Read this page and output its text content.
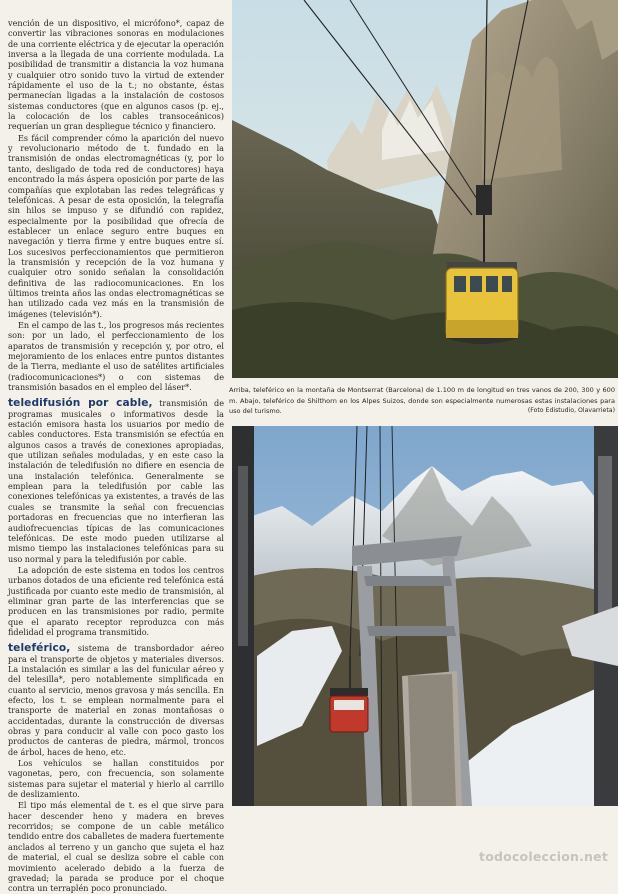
vención de un dispositivo, el micrófono*, capaz de convertir las vibraciones sonoras en modulaciones de una corriente eléctrica y de ejecutar la operación inversa a la llegada de una corriente modulada. La posibilidad de transmitir a distancia la voz humana y cualquier otro sonido tuvo la virtud de extender rápidamente el uso de la t.; no obstante, éstas permanecían ligadas a la instalación de costosos sistemas conductores (que en algunos casos (p. ej., la colocación de los cables transoceánicos) requerían un gran despliegue técnico y financiero.

Es fácil comprender cómo la aparición del nuevo y revolucionario método de t. fundado en la transmisión de ondas electromagnéticas (y, por lo tanto, desligado de toda red de conductores) haya encontrado la más áspera oposición por parte de las compañías que explotaban las redes telegráficas y telefónicas. A pesar de esta oposición, la telegrafía sin hilos se impuso y se difundió con rapidez, especialmente por la posibilidad que ofrecía de establecer un enlace seguro entre buques en navegación y tierra firme y entre buques entre sí. Los sucesivos perfeccionamientos que permitieron la transmisión y recepción de la voz humana y cualquier otro sonido señalan la consolidación definitiva de las radiocomunicaciones. En los últimos treinta años las ondas electromagnéticas se han utilizado cada vez más en la transmisión de imágenes (televisión*).

En el campo de las t., los progresos más recientes son: por un lado, el perfeccionamiento de los aparatos de transmisión y recepción y, por otro, el mejoramiento de los enlaces entre puntos distantes de la Tierra, mediante el uso de satélites artificiales (radiocomunicaciones*) o con sistemas de transmisión basados en el empleo del láser*.

teledifusión por cable, transmisión de programas musicales o informativos desde la estación emisora hasta los usuarios por medio de cables conductores. Esta transmisión se efectúa en algunos casos a través de conexiones apropiadas, que utilizan señales moduladas, y en este caso la instalación de teledifusión no difiere en esencia de una instalación telefónica. Generalmente se emplean para la teledifusión por cable las conexiones telefónicas ya existentes, a través de las cuales se transmite la señal con frecuencias portadoras en frecuencias que no interfieran las audiofrecuencias típicas de las comunicaciones telefónicas. De este modo pueden utilizarse al mismo tiempo las instalaciones telefónicas para su uso normal y para la teledifusión por cable.

La adopción de este sistema en todos los centros urbanos dotados de una eficiente red telefónica está justificada por cuanto este medio de transmisión, al eliminar gran parte de las interferencias que se producen en las transmisiones por radio, permite que el aparato receptor reproduzca con más fidelidad el programa transmitido.

teleférico, sistema de transbordador aéreo para el transporte de objetos y materiales diversos. La instalación es similar a las del funicular aéreo y del telesilla*, pero notablemente simplificada en cuanto al servicio, menos gravosa y más sencilla. En efecto, los t. se emplean normalmente para el transporte de material en zonas montañosas o accidentadas, durante la construcción de diversas obras y para conducir al valle con poco gasto los productos de canteras de piedra, mármol, troncos de árbol, haces de heno, etc.

Los vehículos se hallan constituidos por vagonetas, pero, con frecuencia, son solamente sistemas para sujetar el material y hierlo al carrillo de deslizamiento.

El tipo más elemental de t. es el que sirve para hacer descender heno y madera en breves recorridos; se compone de un cable metálico tendido entre dos caballetes de madera fuertemente anclados al terreno y un gancho que sujeta el haz de material, el cual se desliza sobre el cable con movimiento acelerado debido a la fuerza de gravedad; la parada se produce por el choque contra un terraplén poco pronunciado.

Arriba, teleférico en la montaña de Montserrat (Barcelona) de 1.100 m de longitud en tres vanos de 200, 300 y 600 m. Abajo, teleférico de Shilthorn en los Alpes Suizos, donde son especialmente numerosas estas instalaciones para uso del turismo.	(Foto Edistudio, Olavarrieta)
todocoleccion.net
